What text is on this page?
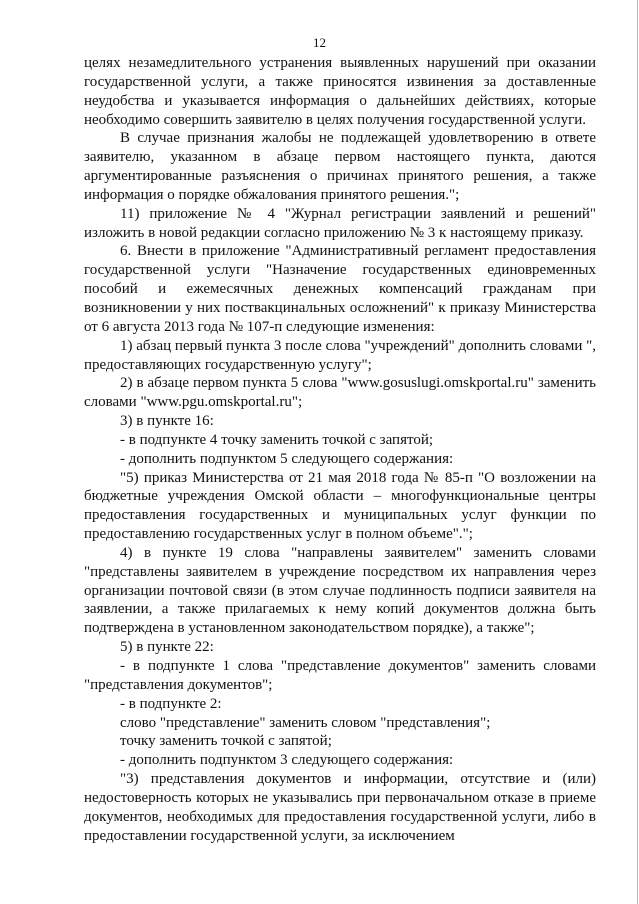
12

целях незамедлительного устранения выявленных нарушений при оказании государственной услуги, а также приносятся извинения за доставленные неудобства и указывается информация о дальнейших действиях, которые необходимо совершить заявителю в целях получения государственной услуги.

В случае признания жалобы не подлежащей удовлетворению в ответе заявителю, указанном в абзаце первом настоящего пункта, даются аргументированные разъяснения о причинах принятого решения, а также информация о порядке обжалования принятого решения.";

11) приложение № 4 "Журнал регистрации заявлений и решений" изложить в новой редакции согласно приложению № 3 к настоящему приказу.

6. Внести в приложение "Административный регламент предоставления государственной услуги "Назначение государственных единовременных пособий и ежемесячных денежных компенсаций гражданам при возникновении у них поствакцинальных осложнений" к приказу Министерства от 6 августа 2013 года № 107-п следующие изменения:

1) абзац первый пункта 3 после слова "учреждений" дополнить словами ", предоставляющих государственную услугу";

2) в абзаце первом пункта 5 слова "www.gosuslugi.omskportal.ru" заменить словами "www.pgu.omskportal.ru";

3) в пункте 16:

- в подпункте 4 точку заменить точкой с запятой;

- дополнить подпунктом 5 следующего содержания:

"5) приказ Министерства от 21 мая 2018 года № 85-п "О возложении на бюджетные учреждения Омской области – многофункциональные центры предоставления государственных и муниципальных услуг функции по предоставлению государственных услуг в полном объеме".";

4) в пункте 19 слова "направлены заявителем" заменить словами "представлены заявителем в учреждение посредством их направления через организации почтовой связи (в этом случае подлинность подписи заявителя на заявлении, а также прилагаемых к нему копий документов должна быть подтверждена в установленном законодательством порядке), а также";

5) в пункте 22:

- в подпункте 1 слова "представление документов" заменить словами "представления документов";

- в подпункте 2:

слово "представление" заменить словом "представления";

точку заменить точкой с запятой;

- дополнить подпунктом 3 следующего содержания:

"3) представления документов и информации, отсутствие и (или) недостоверность которых не указывались при первоначальном отказе в приеме документов, необходимых для предоставления государственной услуги, либо в предоставлении государственной услуги, за исключением
